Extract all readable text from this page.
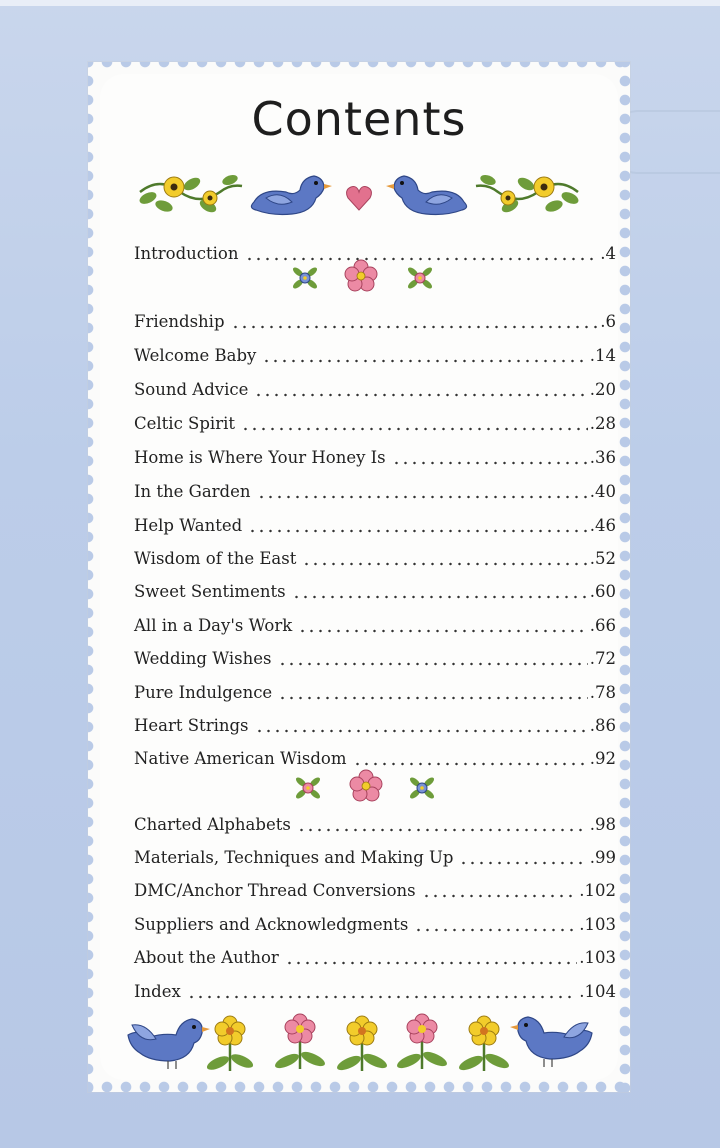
Contents
Introduction	.4
Friendship	.6
Welcome Baby	.14
Sound Advice	.20
Celtic Spirit	.28
Home is Where Your Honey Is	.36
In the Garden	.40
Help Wanted	.46
Wisdom of the East	.52
Sweet Sentiments	.60
All in a Day's Work	.66
Wedding Wishes	.72
Pure Indulgence	.78
Heart Strings	.86
Native American Wisdom	.92
Charted Alphabets	.98
Materials, Techniques and Making Up	.99
DMC/Anchor Thread Conversions	.102
Suppliers and Acknowledgments	.103
About the Author	.103
Index	.104
